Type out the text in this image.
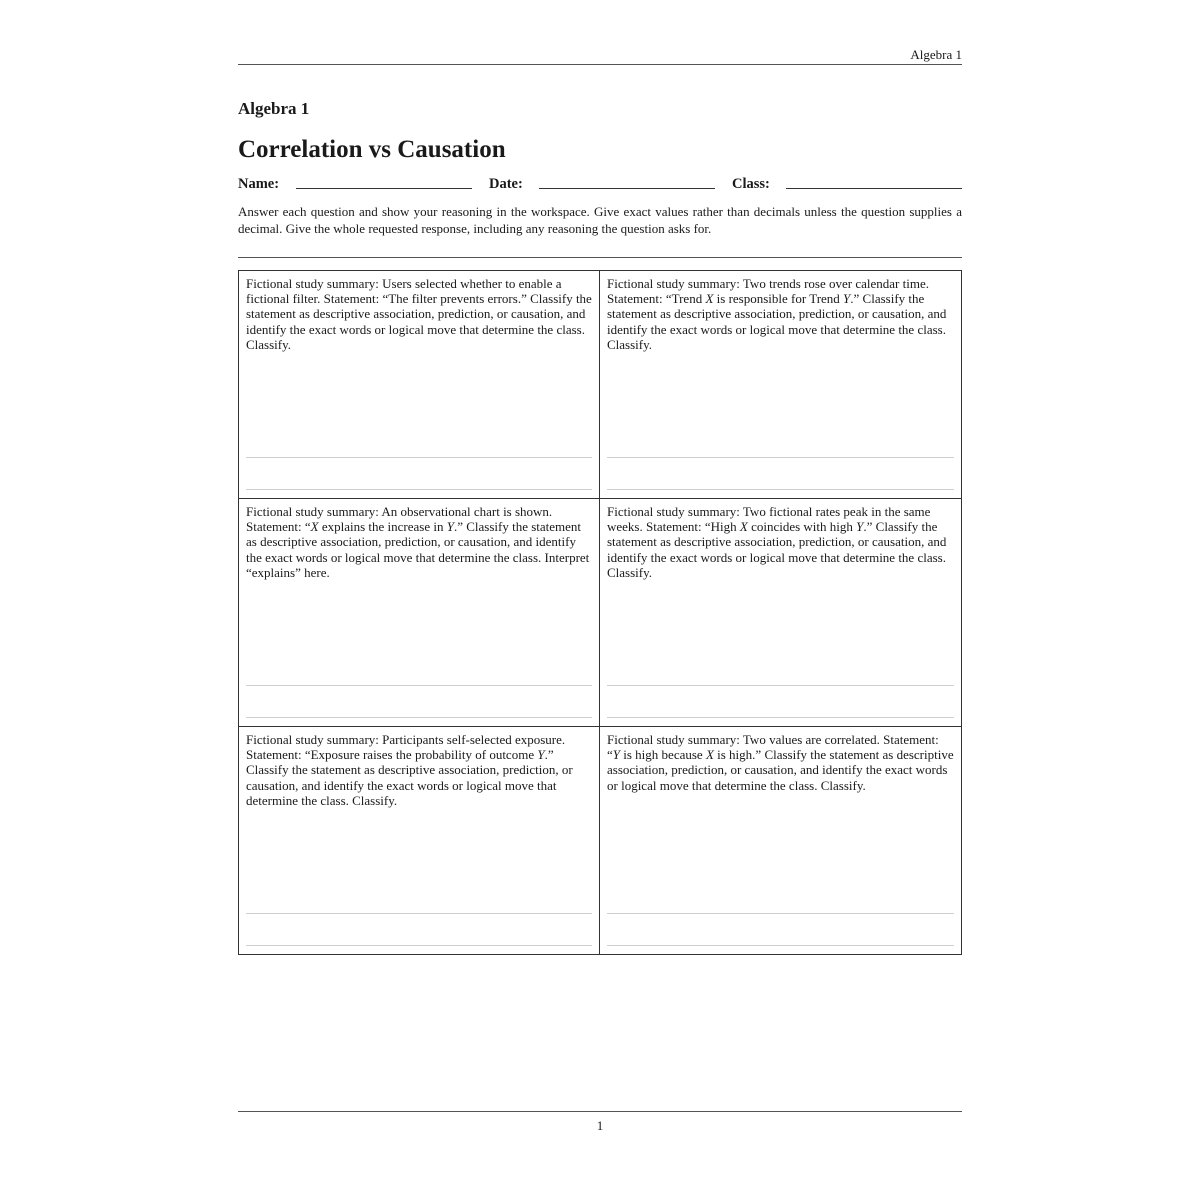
Algebra 1
Algebra 1
Correlation vs Causation
Name:	Date:	Class:
Answer each question and show your reasoning in the workspace. Give exact values rather than decimals unless the question supplies a decimal. Give the whole requested response, including any reasoning the question asks for.
Fictional study summary: Users selected whether to enable a fictional filter. Statement: “The filter prevents errors.” Classify the statement as descriptive association, prediction, or causation, and identify the exact words or logical move that determine the class. Classify.
Fictional study summary: Two trends rose over calendar time. Statement: “Trend X is responsible for Trend Y.” Classify the statement as descriptive association, prediction, or causation, and identify the exact words or logical move that determine the class. Classify.
Fictional study summary: An observational chart is shown. Statement: “X explains the increase in Y.” Classify the statement as descriptive association, prediction, or causation, and identify the exact words or logical move that determine the class. Interpret “explains” here.
Fictional study summary: Two fictional rates peak in the same weeks. Statement: “High X coincides with high Y.” Classify the statement as descriptive association, prediction, or causation, and identify the exact words or logical move that determine the class. Classify.
Fictional study summary: Participants self-selected exposure. Statement: “Exposure raises the probability of outcome Y.” Classify the statement as descriptive association, prediction, or causation, and identify the exact words or logical move that determine the class. Classify.
Fictional study summary: Two values are correlated. Statement: “Y is high because X is high.” Classify the statement as descriptive association, prediction, or causation, and identify the exact words or logical move that determine the class. Classify.
1
